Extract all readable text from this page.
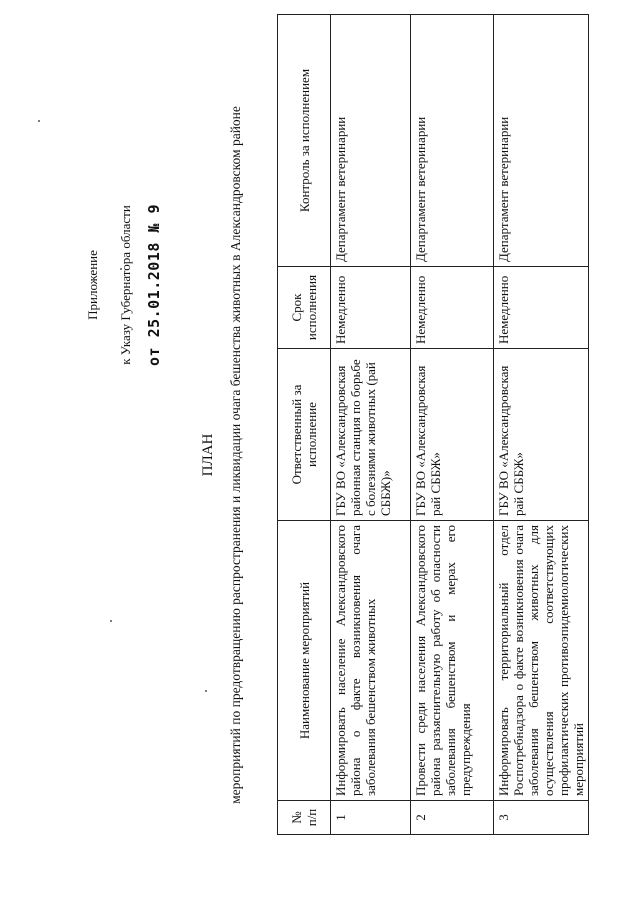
Приложение к Указу Губернатора области от 25.01.2018 № 9
ПЛАН мероприятий по предотвращению распространения и ликвидации очага бешенства животных в Александровском районе
№ п/п	Наименование мероприятий	Ответственный за исполнение	Срок исполнения	Контроль за исполнением
1	Информировать население Александровского района о факте возникновения очага заболевания бешенством животных	ГБУ ВО «Александровская районная станция по борьбе с болезнями животных (рай СББЖ)»	Немедленно	Департамент ветеринарии
2	Провести среди населения Александровского района разъяснительную работу об опасности заболевания бешенством и мерах его предупреждения	ГБУ ВО «Александровская рай СББЖ»	Немедленно	Департамент ветеринарии
3	Информировать территориальный отдел Роспотребнадзора о факте возникновения очага заболевания бешенством животных для осуществления соответствующих профилактических противоэпидемиологических мероприятий	ГБУ ВО «Александровская рай СББЖ»	Немедленно	Департамент ветеринарии
